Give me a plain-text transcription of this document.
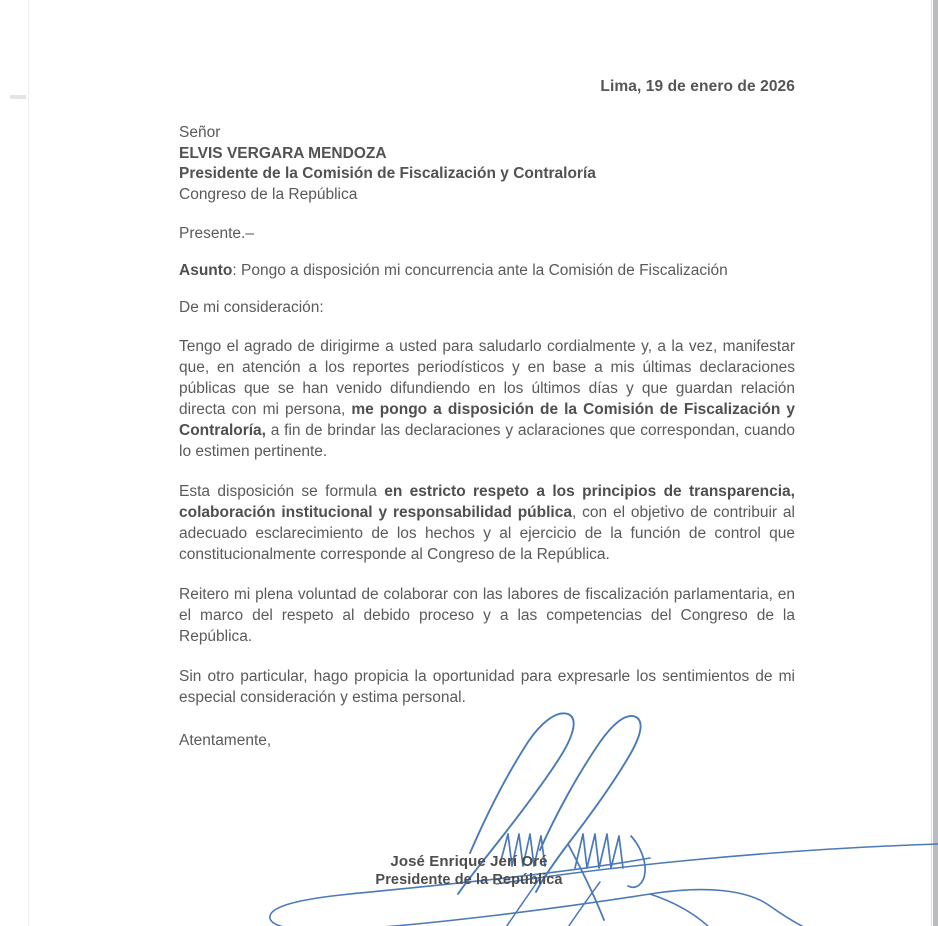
Lima, 19 de enero de 2026
Señor
ELVIS VERGARA MENDOZA
Presidente de la Comisión de Fiscalización y Contraloría
Congreso de la República
Presente.–
Asunto: Pongo a disposición mi concurrencia ante la Comisión de Fiscalización
De mi consideración:

Tengo el agrado de dirigirme a usted para saludarlo cordialmente y, a la vez, manifestar que, en atención a los reportes periodísticos y en base a mis últimas declaraciones públicas que se han venido difundiendo en los últimos días y que guardan relación directa con mi persona, me pongo a disposición de la Comisión de Fiscalización y Contraloría, a fin de brindar las declaraciones y aclaraciones que correspondan, cuando lo estimen pertinente.

Esta disposición se formula en estricto respeto a los principios de transparencia, colaboración institucional y responsabilidad pública, con el objetivo de contribuir al adecuado esclarecimiento de los hechos y al ejercicio de la función de control que constitucionalmente corresponde al Congreso de la República.

Reitero mi plena voluntad de colaborar con las labores de fiscalización parlamentaria, en el marco del respeto al debido proceso y a las competencias del Congreso de la República.

Sin otro particular, hago propicia la oportunidad para expresarle los sentimientos de mi especial consideración y estima personal.

Atentamente,
José Enrique Jerí Oré
Presidente de la República
